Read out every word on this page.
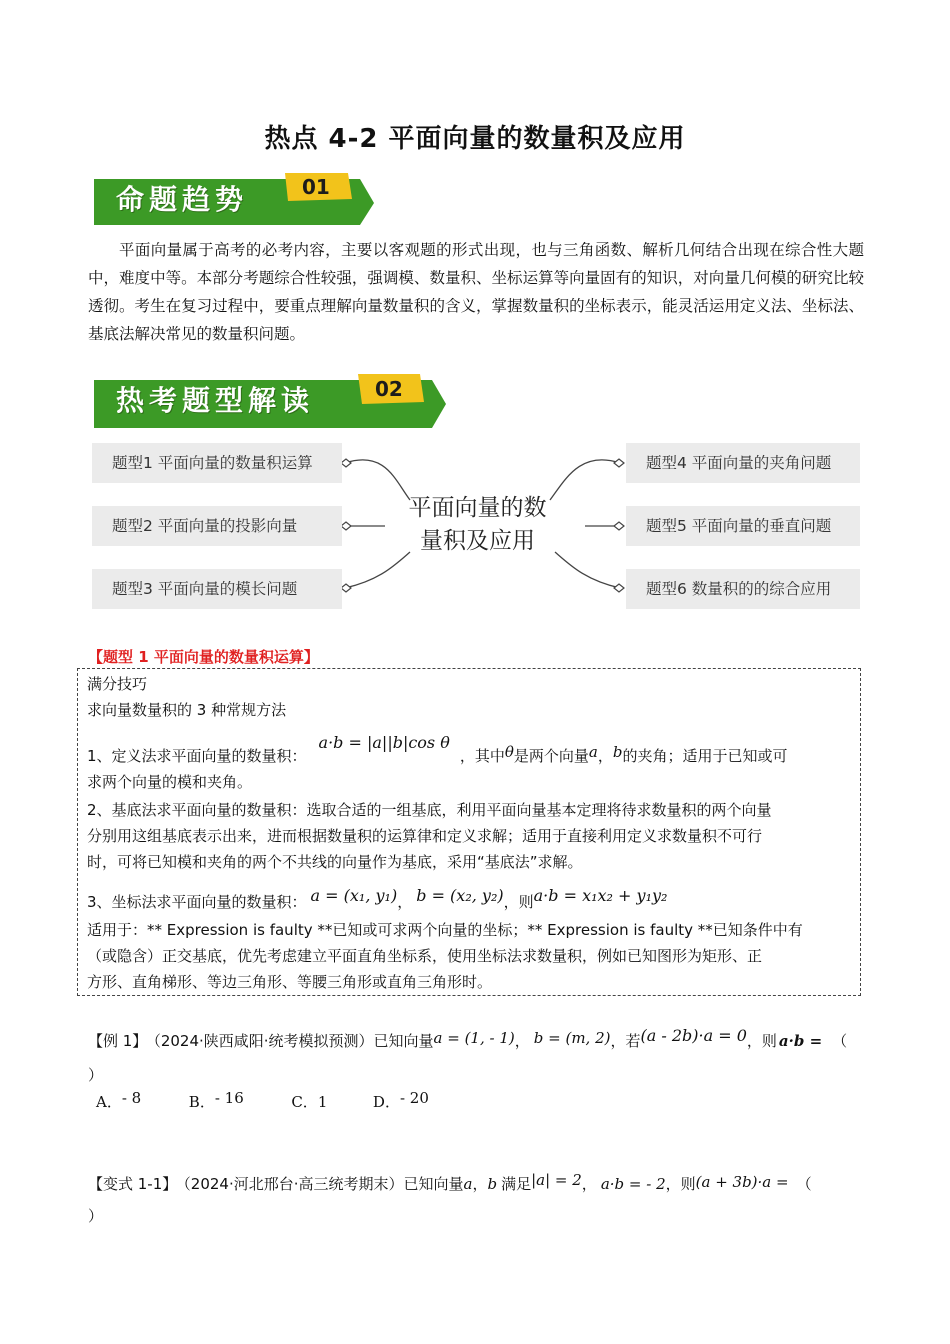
热点 4-2 平面向量的数量积及应用
命题趋势	01
平面向量属于高考的必考内容，主要以客观题的形式出现，也与三角函数、解析几何结合出现在综合性大题中，难度中等。本部分考题综合性较强，强调模、数量积、坐标运算等向量固有的知识，对向量几何模的研究比较透彻。考生在复习过程中，要重点理解向量数量积的含义，掌握数量积的坐标表示，能灵活运用定义法、坐标法、基底法解决常见的数量积问题。
热考题型解读	02
题型1 平面向量的数量积运算
题型2 平面向量的投影向量
题型3 平面向量的模长问题
题型4 平面向量的夹角问题
题型5 平面向量的垂直问题
题型6 数量积的的综合应用
平面向量的数
量积及应用
【题型 1 平面向量的数量积运算】
满分技巧
求向量数量积的 3 种常规方法
1、定义法求平面向量的数量积：a·b = |a||b|cos θ，其中θ是两个向量a，b的夹角；适用于已知或可
求两个向量的模和夹角。
2、基底法求平面向量的数量积：选取合适的一组基底，利用平面向量基本定理将待求数量积的两个向量
分别用这组基底表示出来，进而根据数量积的运算律和定义求解；适用于直接利用定义求数量积不可行
时，可将已知模和夹角的两个不共线的向量作为基底，采用“基底法”求解。
3、坐标法求平面向量的数量积： a = (x₁, y₁)， b = (x₂, y₂)，则a·b = x₁x₂ + y₁y₂
适用于：** Expression is faulty **已知或可求两个向量的坐标；** Expression is faulty **已知条件中有
（或隐含）正交基底，优先考虑建立平面直角坐标系，使用坐标法求数量积，例如已知图形为矩形、正
方形、直角梯形、等边三角形、等腰三角形或直角三角形时。
【例 1】 （2024·陕西咸阳·统考模拟预测）已知向量a = (1, - 1)， b = (m, 2)，若(a - 2b)·a = 0，则 a·b = （
）
A．- 8	B．- 16	C．1	D．- 20
【变式 1-1】 （2024·河北邢台·高三统考期末）已知向量a，b 满足|a| = 2， a·b = - 2，则(a + 3b)·a = （
）
